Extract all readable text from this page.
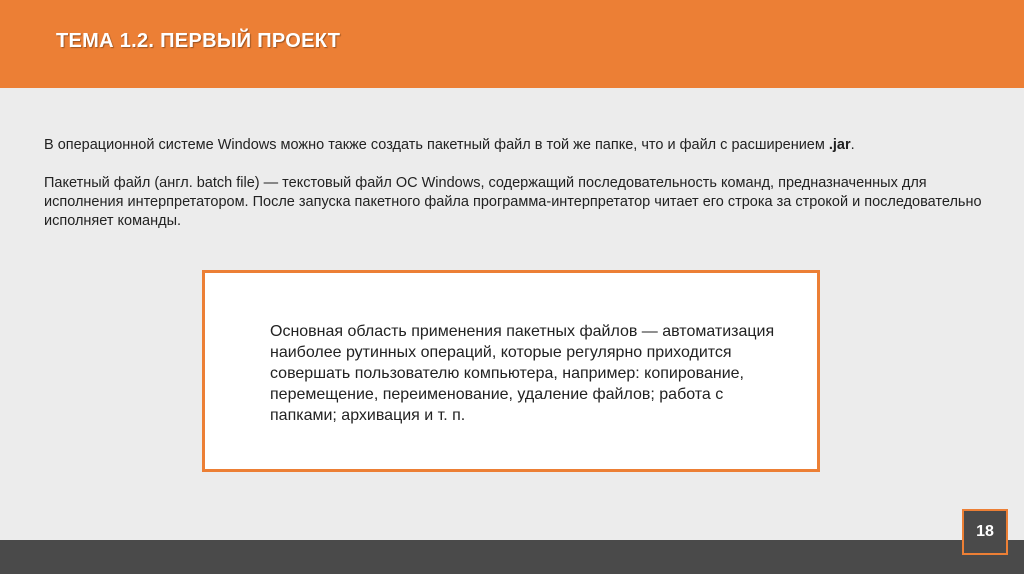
ТЕМА 1.2. ПЕРВЫЙ ПРОЕКТ

В операционной системе Windows можно также создать пакетный файл в той же папке, что и файл с расширением .jar.

Пакетный файл (англ. batch file) — текстовый файл ОС Windows, содержащий последовательность команд, предназначенных для исполнения интерпретатором. После запуска пакетного файла программа-интерпретатор читает его строка за строкой и последовательно исполняет команды.

Основная область применения пакетных файлов — автоматизация наиболее рутинных операций, которые регулярно приходится совершать пользователю компьютера, например: копирование, перемещение, переименование, удаление файлов; работа с папками; архивация и т. п.
18
